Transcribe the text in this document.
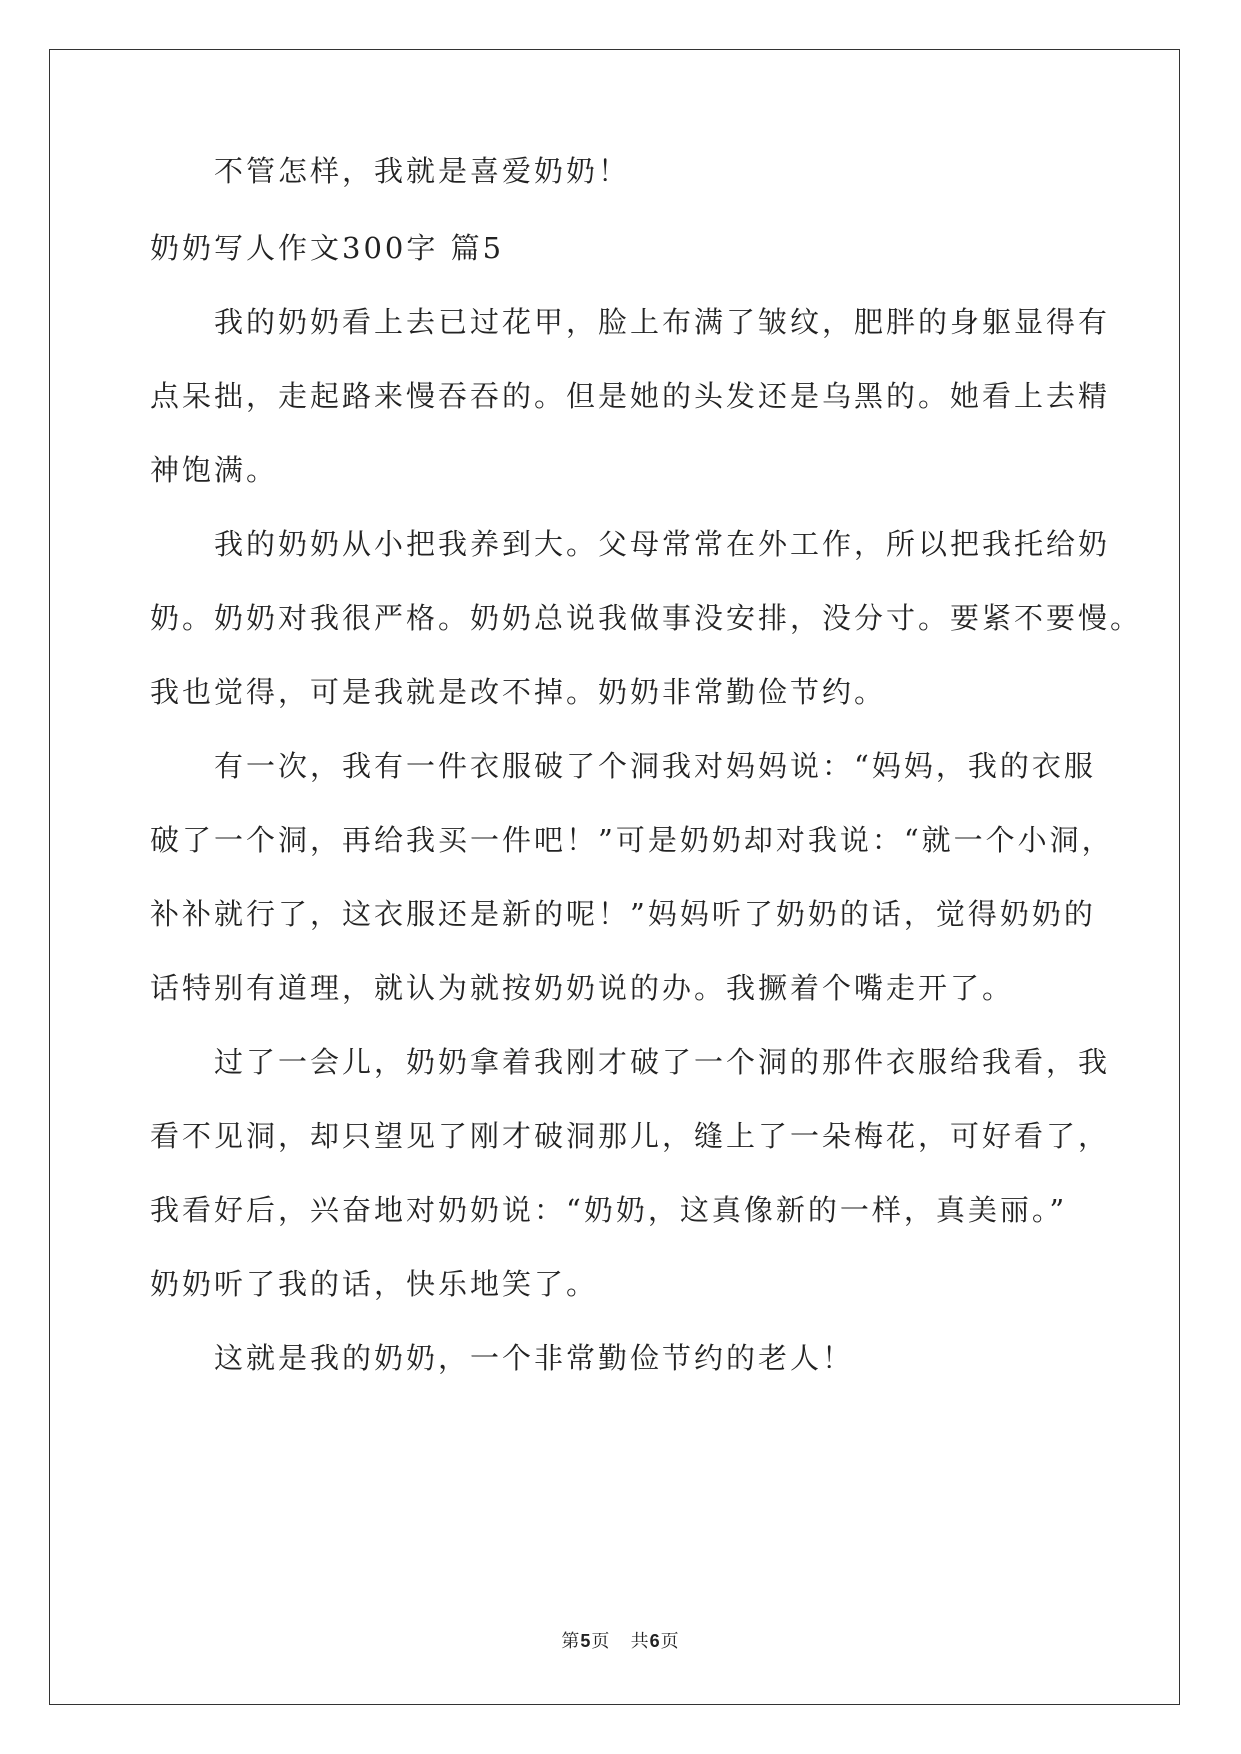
不管怎样，我就是喜爱奶奶！
奶奶写人作文300字 篇5
我的奶奶看上去已过花甲，脸上布满了皱纹，肥胖的身躯显得有
点呆拙，走起路来慢吞吞的。但是她的头发还是乌黑的。她看上去精
神饱满。
我的奶奶从小把我养到大。父母常常在外工作，所以把我托给奶
奶。奶奶对我很严格。奶奶总说我做事没安排，没分寸。要紧不要慢。
我也觉得，可是我就是改不掉。奶奶非常勤俭节约。
有一次，我有一件衣服破了个洞我对妈妈说：“妈妈，我的衣服
破了一个洞，再给我买一件吧！”可是奶奶却对我说：“就一个小洞，
补补就行了，这衣服还是新的呢！”妈妈听了奶奶的话，觉得奶奶的
话特别有道理，就认为就按奶奶说的办。我撅着个嘴走开了。
过了一会儿，奶奶拿着我刚才破了一个洞的那件衣服给我看，我
看不见洞，却只望见了刚才破洞那儿，缝上了一朵梅花，可好看了，
我看好后，兴奋地对奶奶说：“奶奶，这真像新的一样，真美丽。”
奶奶听了我的话，快乐地笑了。
这就是我的奶奶，一个非常勤俭节约的老人！
第5页 共6页
